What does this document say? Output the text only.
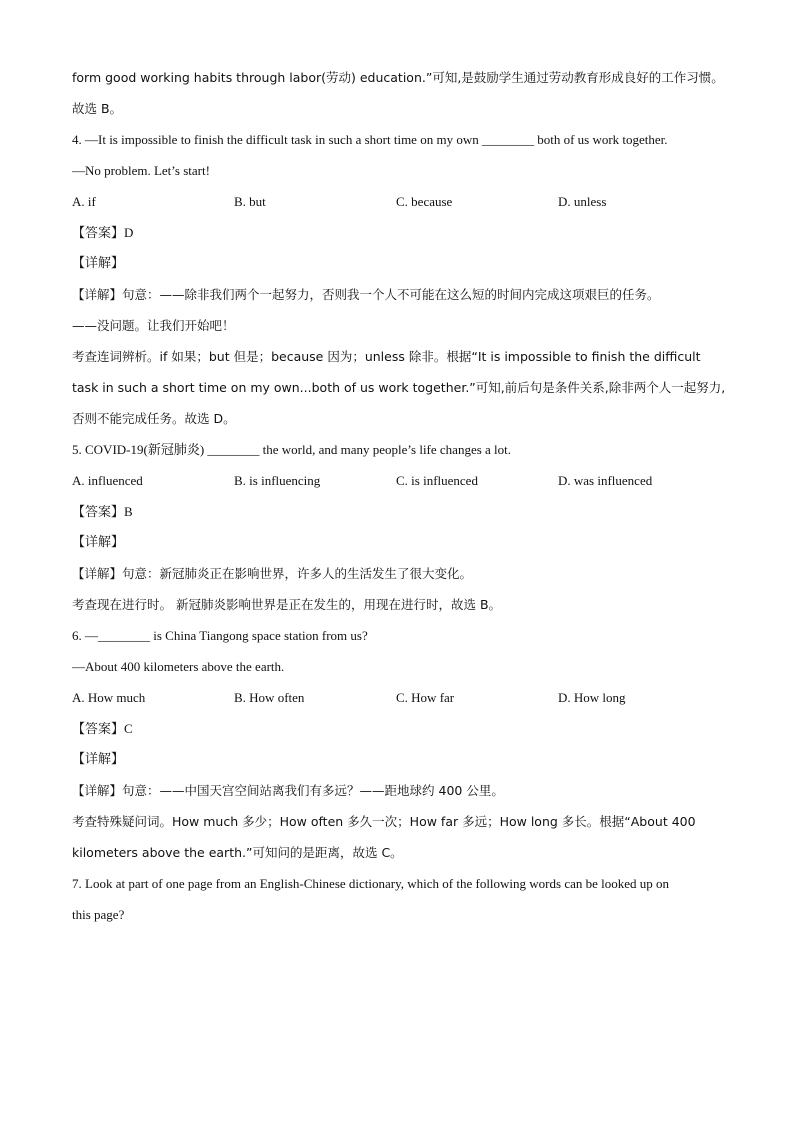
form good working habits through labor(劳动) education.”可知,是鼓励学生通过劳动教育形成良好的工作习惯。
故选 B。
4. —It is impossible to finish the difficult task in such a short time on my own ________ both of us work together.
—No problem. Let’s start!
A. if	B. but	C. because	D. unless
【答案】D
【详解】
【详解】句意：——除非我们两个一起努力，否则我一个人不可能在这么短的时间内完成这项艰巨的任务。
——没问题。让我们开始吧！
考查连词辨析。if 如果；but 但是；because 因为；unless 除非。根据“It is impossible to finish the difficult
task in such a short time on my own...both of us work together.”可知,前后句是条件关系,除非两个人一起努力,
否则不能完成任务。故选 D。
5. COVID-19(新冠肺炎) ________ the world, and many people’s life changes a lot.
A. influenced	B. is influencing	C. is influenced	D. was influenced
【答案】B
【详解】
【详解】句意：新冠肺炎正在影响世界，许多人的生活发生了很大变化。
考查现在进行时。 新冠肺炎影响世界是正在发生的，用现在进行时，故选 B。
6. —________ is China Tiangong space station from us?
—About 400 kilometers above the earth.
A. How much	B. How often	C. How far	D. How long
【答案】C
【详解】
【详解】句意：——中国天宫空间站离我们有多远？——距地球约 400 公里。
考查特殊疑问词。How much 多少；How often 多久一次；How far 多远；How long 多长。根据“About 400
kilometers above the earth.”可知问的是距离，故选 C。
7. Look at part of one page from an English-Chinese dictionary, which of the following words can be looked up on
this page?
